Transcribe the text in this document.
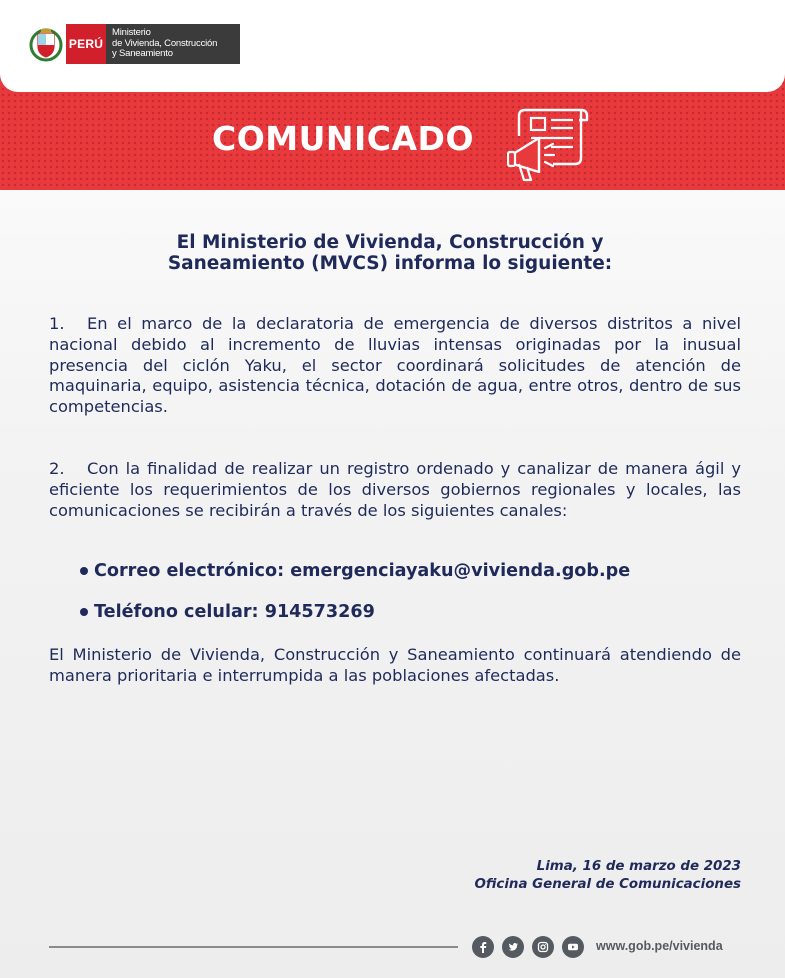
PERÚ
Ministerio
de Vivienda, Construcción
y Saneamiento
COMUNICADO
El Ministerio de Vivienda, Construcción y
Saneamiento (MVCS) informa lo siguiente:
1. En el marco de la declaratoria de emergencia de diversos distritos a nivel nacional debido al incremento de lluvias intensas originadas por la inusual presencia del ciclón Yaku, el sector coordinará solicitudes de atención de maquinaria, equipo, asistencia técnica, dotación de agua, entre otros, dentro de sus competencias.
2. Con la finalidad de realizar un registro ordenado y canalizar de manera ágil y eficiente los requerimientos de los diversos gobiernos regionales y locales, las comunicaciones se recibirán a través de los siguientes canales:
Correo electrónico: emergenciayaku@vivienda.gob.pe
Teléfono celular: 914573269
El Ministerio de Vivienda, Construcción y Saneamiento continuará atendiendo de manera prioritaria e interrumpida a las poblaciones afectadas.
Lima, 16 de marzo de 2023
Oficina General de Comunicaciones
www.gob.pe/vivienda
